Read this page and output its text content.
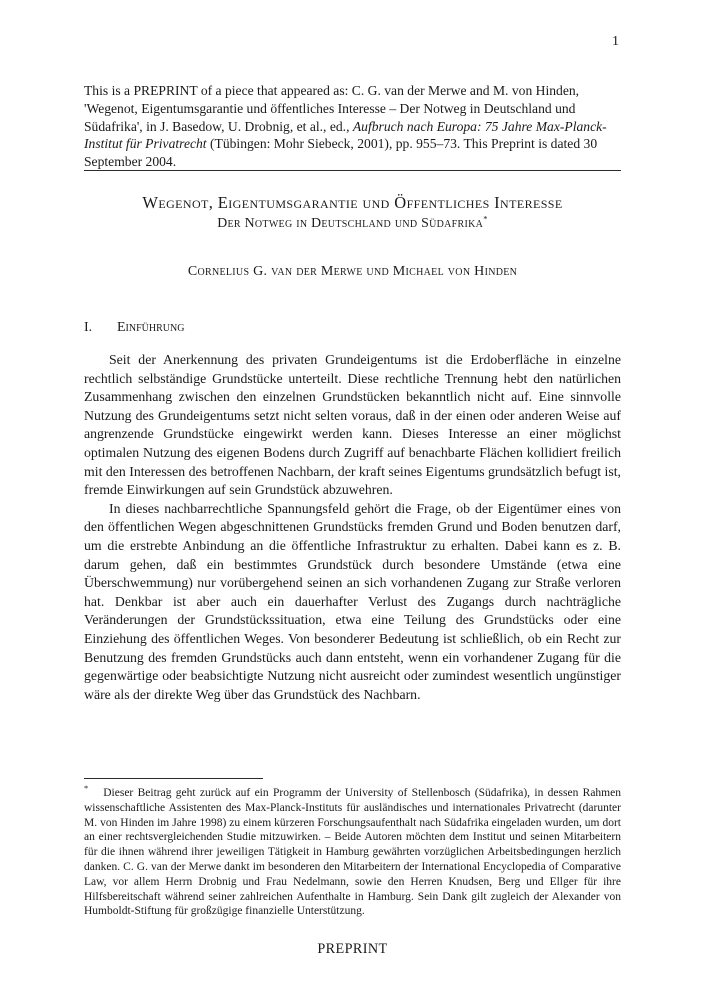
1
This is a PREPRINT of a piece that appeared as: C. G. van der Merwe and M. von Hinden, 'Wegenot, Eigentumsgarantie und öffentliches Interesse – Der Notweg in Deutschland und Südafrika', in J. Basedow, U. Drobnig, et al., ed., Aufbruch nach Europa: 75 Jahre Max-Planck-Institut für Privatrecht (Tübingen: Mohr Siebeck, 2001), pp. 955–73. This Preprint is dated 30 September 2004.
Wegenot, Eigentumsgarantie und Öffentliches Interesse
Der Notweg in Deutschland und Südafrika*
Cornelius G. van der Merwe und Michael von Hinden
I. Einführung

Seit der Anerkennung des privaten Grundeigentums ist die Erdoberfläche in einzelne rechtlich selbständige Grundstücke unterteilt. Diese rechtliche Trennung hebt den natürlichen Zusammenhang zwischen den einzelnen Grundstücken bekanntlich nicht auf. Eine sinnvolle Nutzung des Grundeigentums setzt nicht selten voraus, daß in der einen oder anderen Weise auf angrenzende Grundstücke eingewirkt werden kann. Dieses Interesse an einer möglichst optimalen Nutzung des eigenen Bodens durch Zugriff auf benachbarte Flächen kollidiert freilich mit den Interessen des betroffenen Nachbarn, der kraft seines Eigentums grundsätzlich befugt ist, fremde Einwirkungen auf sein Grundstück abzuwehren.

In dieses nachbarrechtliche Spannungsfeld gehört die Frage, ob der Eigentümer eines von den öffentlichen Wegen abgeschnittenen Grundstücks fremden Grund und Boden benutzen darf, um die erstrebte Anbindung an die öffentliche Infrastruktur zu erhalten. Dabei kann es z. B. darum gehen, daß ein bestimmtes Grundstück durch besondere Umstände (etwa eine Überschwemmung) nur vorübergehend seinen an sich vorhandenen Zugang zur Straße verloren hat. Denkbar ist aber auch ein dauerhafter Verlust des Zugangs durch nachträgliche Veränderungen der Grundstückssituation, etwa eine Teilung des Grundstücks oder eine Einziehung des öffentlichen Weges. Von besonderer Bedeutung ist schließlich, ob ein Recht zur Benutzung des fremden Grundstücks auch dann entsteht, wenn ein vorhandener Zugang für die gegenwärtige oder beabsichtigte Nutzung nicht ausreicht oder zumindest wesentlich ungünstiger wäre als der direkte Weg über das Grundstück des Nachbarn.

* Dieser Beitrag geht zurück auf ein Programm der University of Stellenbosch (Südafrika), in dessen Rahmen wissenschaftliche Assistenten des Max-Planck-Instituts für ausländisches und internationales Privatrecht (darunter M. von Hinden im Jahre 1998) zu einem kürzeren Forschungsaufenthalt nach Südafrika eingeladen wurden, um dort an einer rechtsvergleichenden Studie mitzuwirken. – Beide Autoren möchten dem Institut und seinen Mitarbeitern für die ihnen während ihrer jeweiligen Tätigkeit in Hamburg gewährten vorzüglichen Arbeitsbedingungen herzlich danken. C. G. van der Merwe dankt im besonderen den Mitarbeitern der International Encyclopedia of Comparative Law, vor allem Herrn Drobnig und Frau Nedelmann, sowie den Herren Knudsen, Berg und Ellger für ihre Hilfsbereitschaft während seiner zahlreichen Aufenthalte in Hamburg. Sein Dank gilt zugleich der Alexander von Humboldt-Stiftung für großzügige finanzielle Unterstützung.
PREPRINT
